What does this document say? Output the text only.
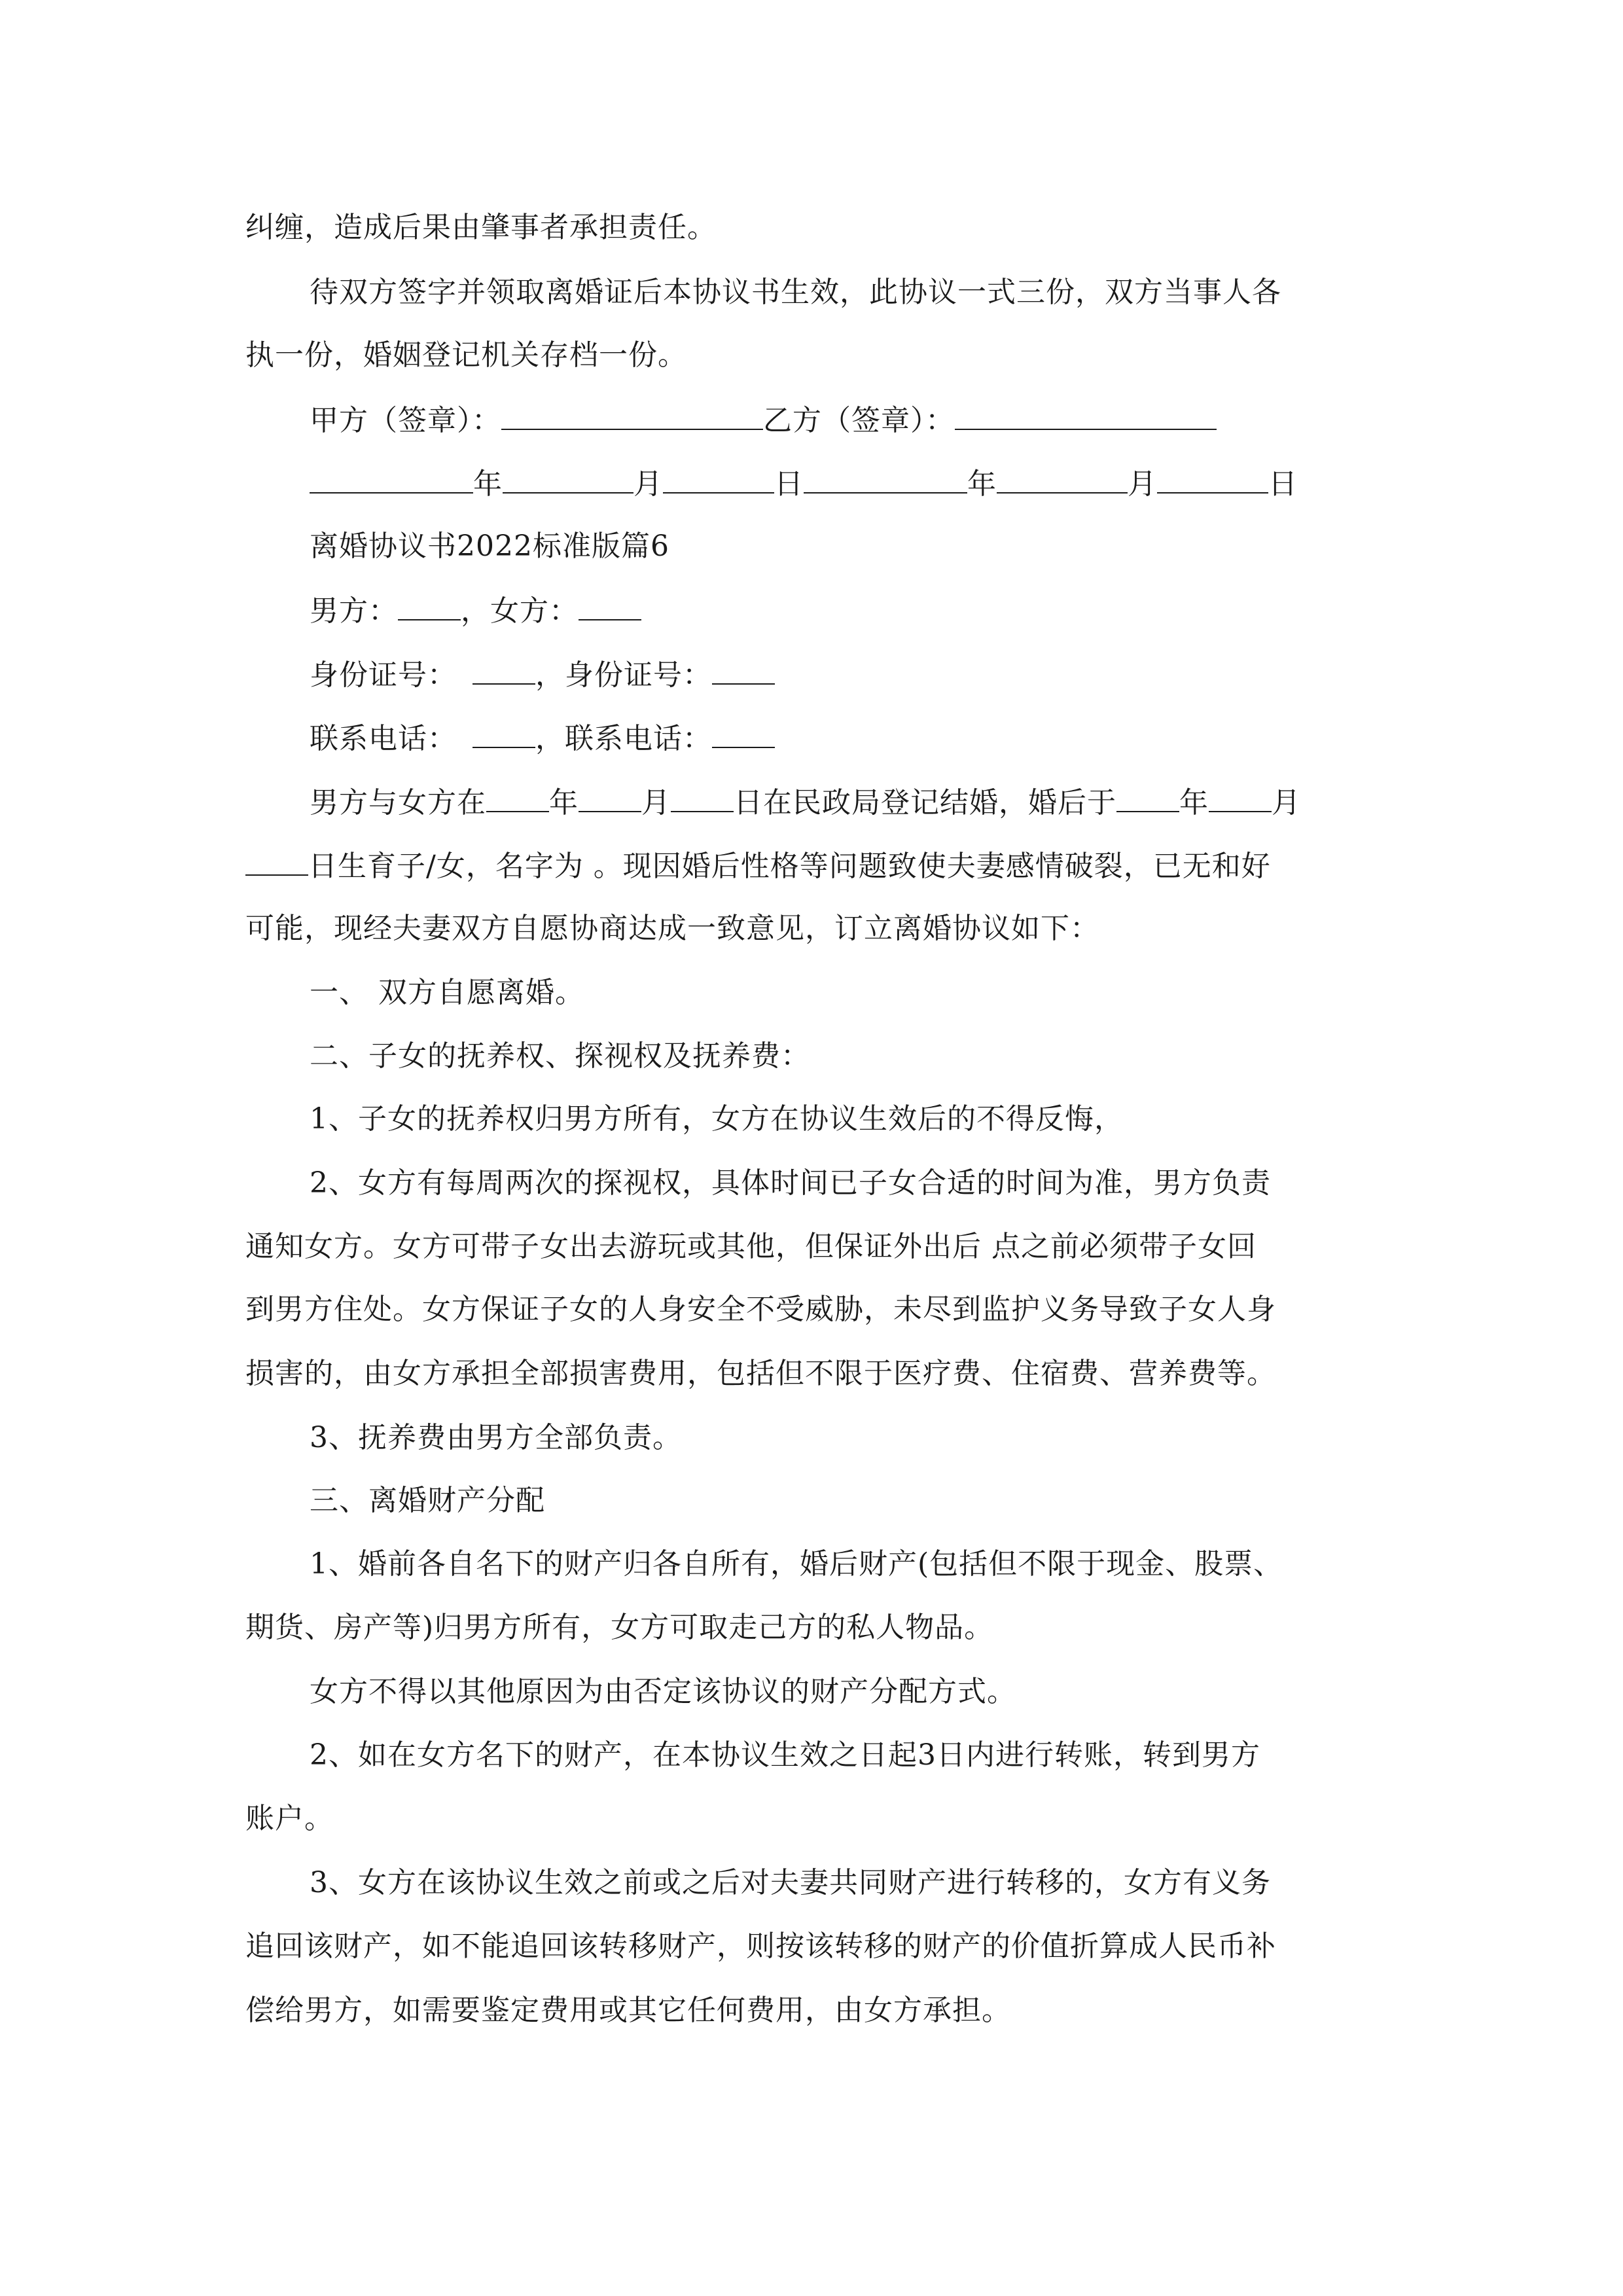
纠缠，造成后果由肇事者承担责任。
待双方签字并领取离婚证后本协议书生效，此协议一式三份，双方当事人各
执一份，婚姻登记机关存档一份。
甲方（签章）：	乙方（签章）：
年	月	日	年	月	日
离婚协议书2022标准版篇6
男方： ，女方：
身份证号：	，身份证号：
联系电话：	，联系电话：
男方与女方在 年 月 日在民政局登记结婚，婚后于 年 月
日生育子/女，名字为 。现因婚后性格等问题致使夫妻感情破裂，已无和好
可能，现经夫妻双方自愿协商达成一致意见，订立离婚协议如下：
一、 双方自愿离婚。
二、子女的抚养权、探视权及抚养费：
1、子女的抚养权归男方所有，女方在协议生效后的不得反悔，
2、女方有每周两次的探视权，具体时间已子女合适的时间为准，男方负责
通知女方。女方可带子女出去游玩或其他，但保证外出后 点之前必须带子女回
到男方住处。女方保证子女的人身安全不受威胁，未尽到监护义务导致子女人身
损害的，由女方承担全部损害费用，包括但不限于医疗费、住宿费、营养费等。
3、抚养费由男方全部负责。
三、离婚财产分配
1、婚前各自名下的财产归各自所有，婚后财产(包括但不限于现金、股票、
期货、房产等)归男方所有，女方可取走己方的私人物品。
女方不得以其他原因为由否定该协议的财产分配方式。
2、如在女方名下的财产，在本协议生效之日起3日内进行转账，转到男方
账户。
3、女方在该协议生效之前或之后对夫妻共同财产进行转移的，女方有义务
追回该财产，如不能追回该转移财产，则按该转移的财产的价值折算成人民币补
偿给男方，如需要鉴定费用或其它任何费用，由女方承担。
